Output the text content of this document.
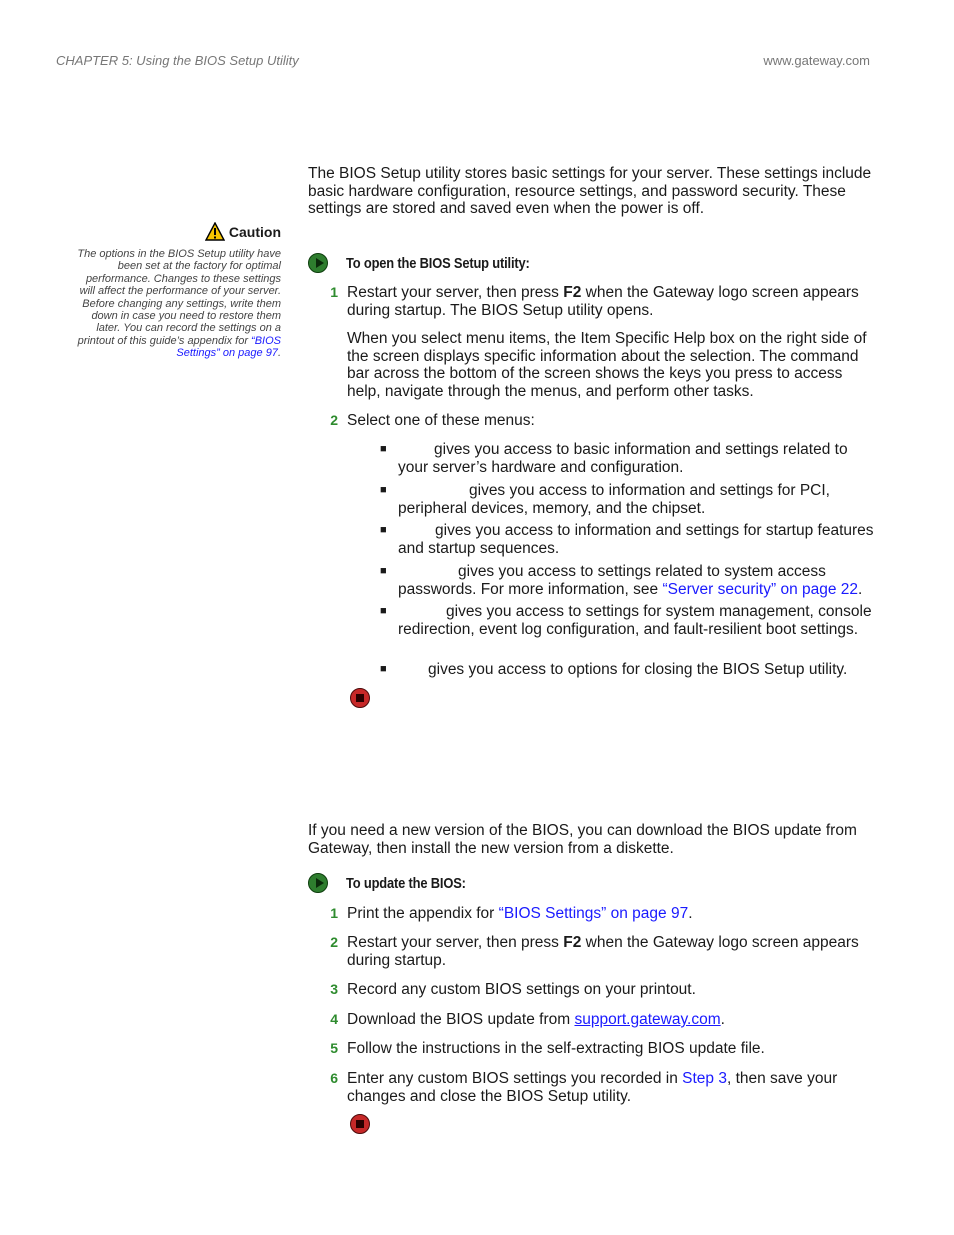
CHAPTER 5: Using the BIOS Setup Utility	www.gateway.com
The BIOS Setup utility stores basic settings for your server. These settings include basic hardware configuration, resource settings, and password security. These settings are stored and saved even when the power is off.
Caution
The options in the BIOS Setup utility have been set at the factory for optimal performance. Changes to these settings will affect the performance of your server. Before changing any settings, write them down in case you need to restore them later. You can record the settings on a printout of this guide’s appendix for “BIOS Settings” on page 97.
To open the BIOS Setup utility:
1 Restart your server, then press F2 when the Gateway logo screen appears during startup. The BIOS Setup utility opens.
When you select menu items, the Item Specific Help box on the right side of the screen displays specific information about the selection. The command bar across the bottom of the screen shows the keys you press to access help, navigate through the menus, and perform other tasks.
2 Select one of these menus:
■	gives you access to basic information and settings related to your server’s hardware and configuration.
■	gives you access to information and settings for PCI, peripheral devices, memory, and the chipset.
■	gives you access to information and settings for startup features and startup sequences.
■	gives you access to settings related to system access passwords. For more information, see “Server security” on page 22.
■	gives you access to settings for system management, console redirection, event log configuration, and fault-resilient boot settings.
■	gives you access to options for closing the BIOS Setup utility.
If you need a new version of the BIOS, you can download the BIOS update from Gateway, then install the new version from a diskette.
To update the BIOS:
1 Print the appendix for “BIOS Settings” on page 97.
2 Restart your server, then press F2 when the Gateway logo screen appears during startup.
3 Record any custom BIOS settings on your printout.
4 Download the BIOS update from support.gateway.com.
5 Follow the instructions in the self-extracting BIOS update file.
6 Enter any custom BIOS settings you recorded in Step 3, then save your changes and close the BIOS Setup utility.
